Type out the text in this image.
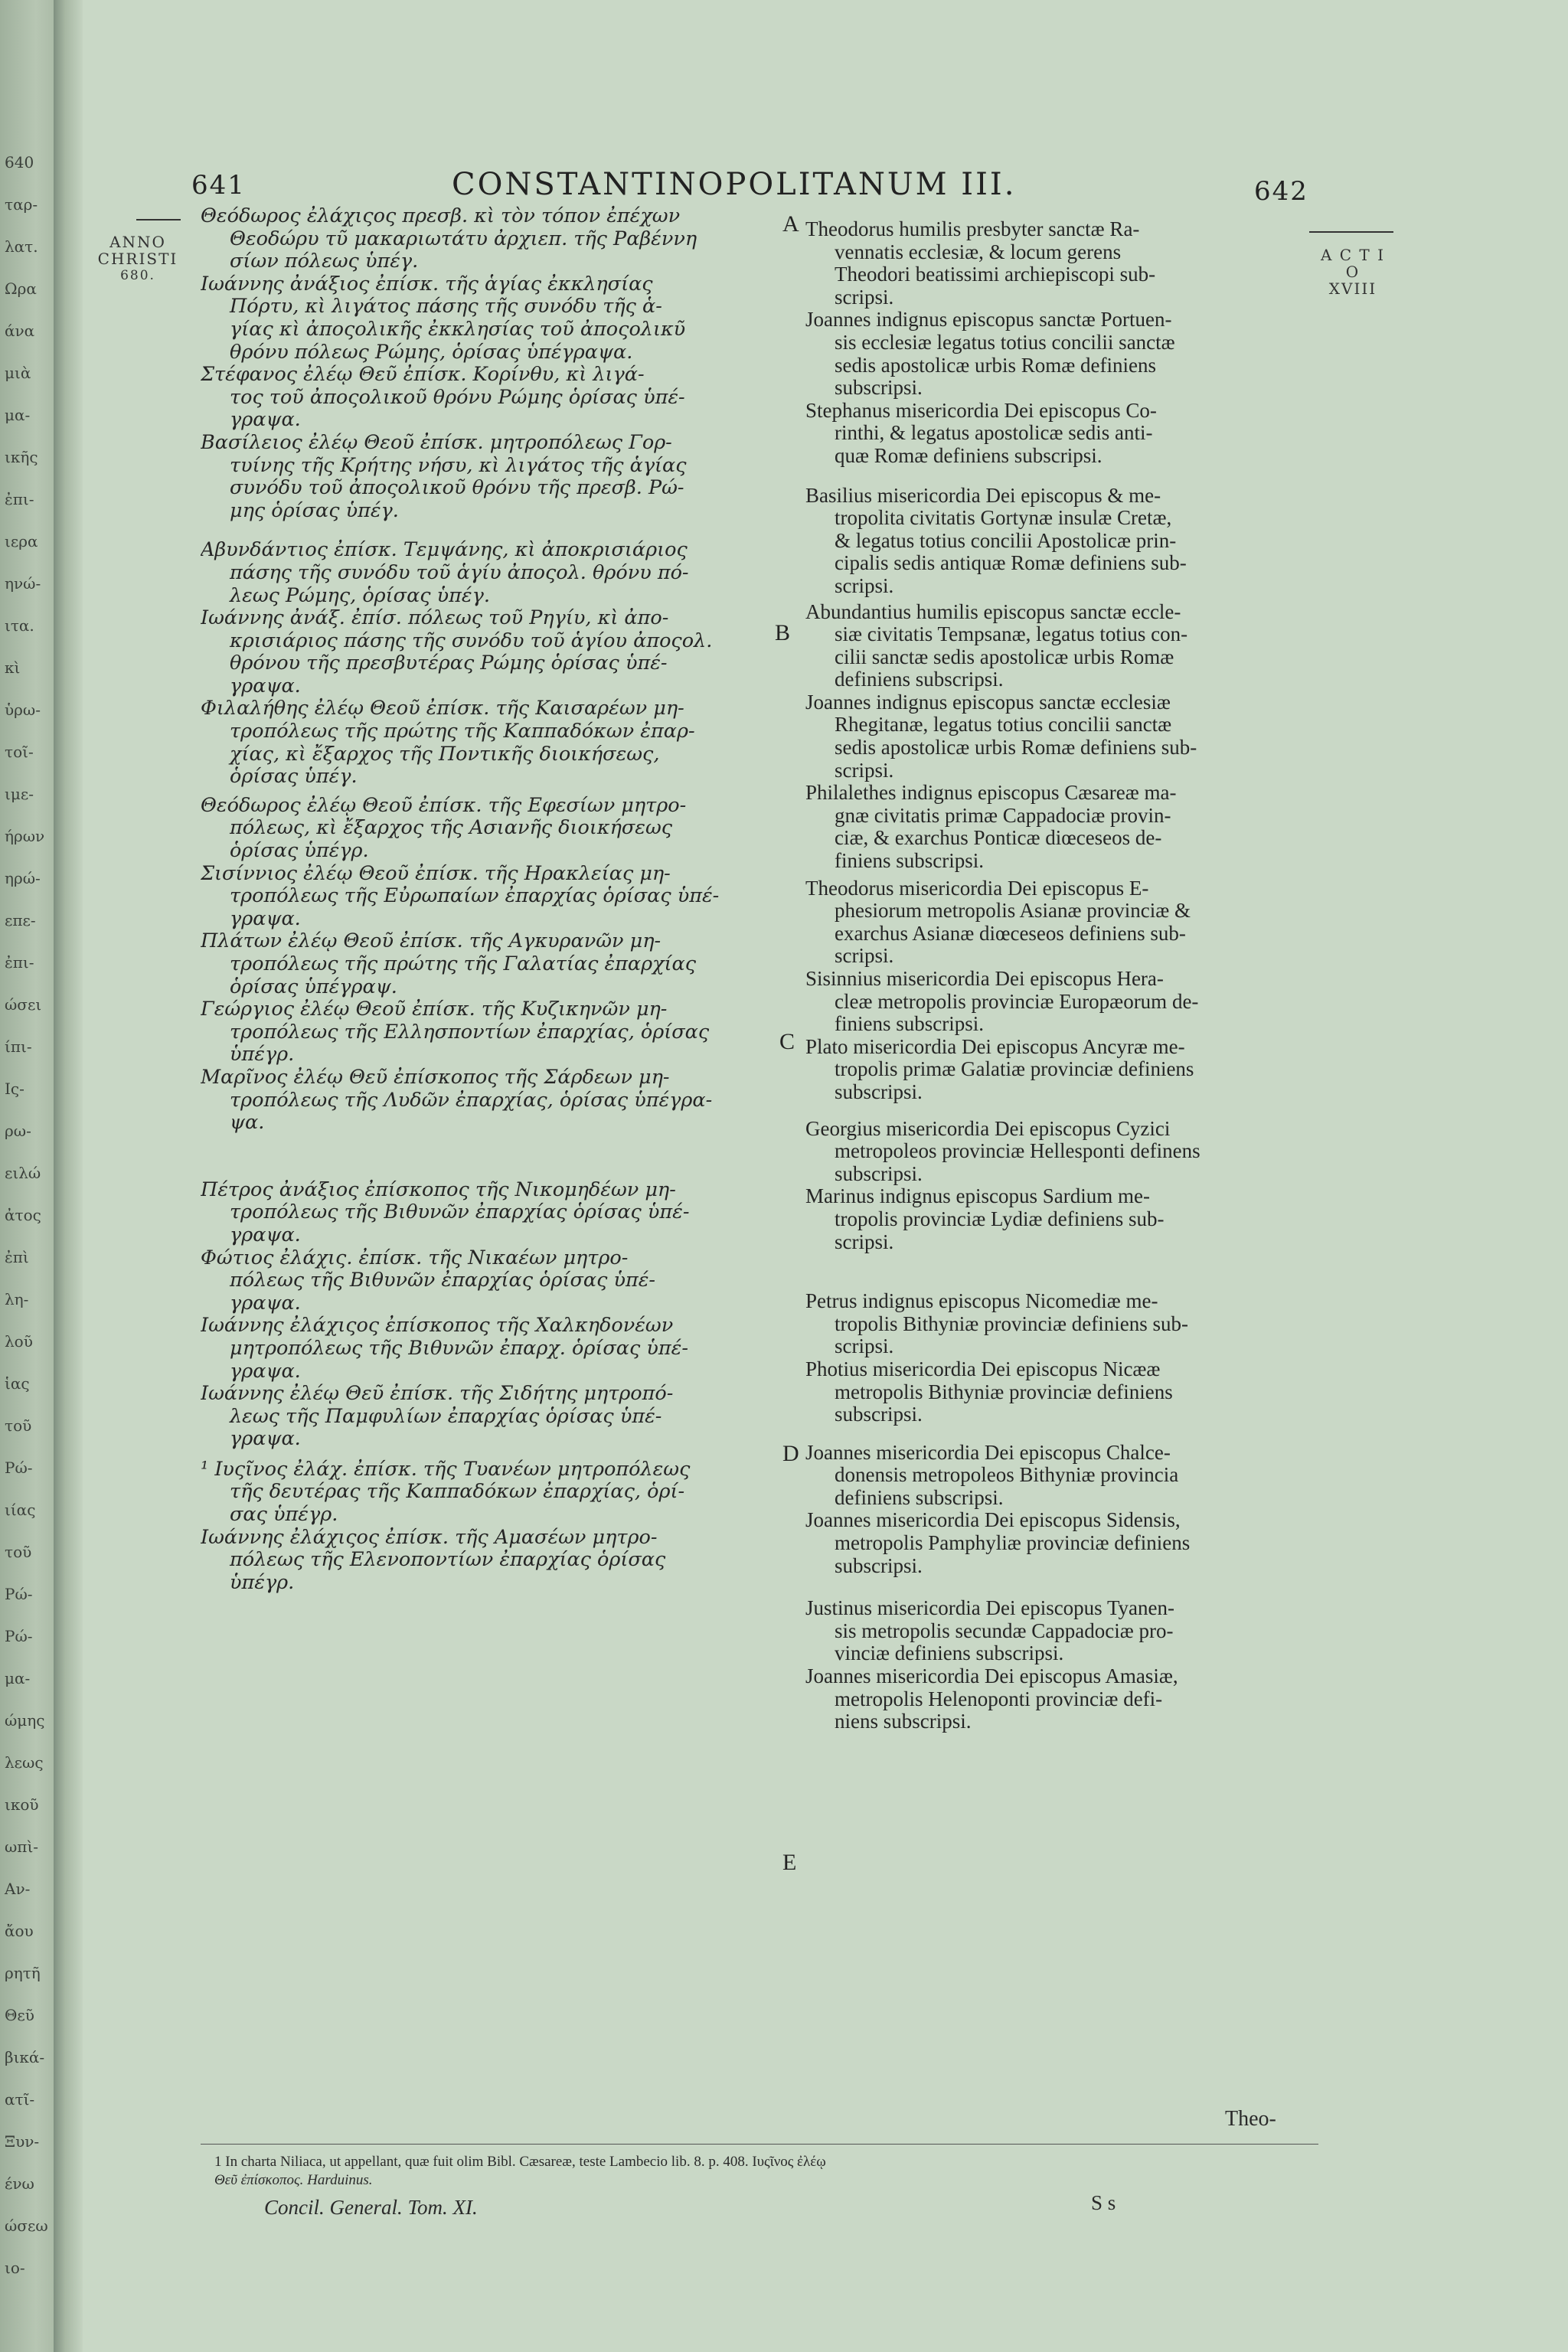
640
ταρ-
λατ.
Ωρα
άνα
μιὰ
μα-
ικῆς
ἐπι-
ιερα
ηνώ-
ιτα.
κὶ
ὑρω-
τοῖ-
ιμε-
ήρων
ηρώ-
επε-
ἐπι-
ώσει
ίπι-
Ις-
ρω-
ειλώ
ἀτος
ἐπὶ
λη-
λοῦ
ἱας
τοῦ
Ρώ-
ιίας
τοῦ
Ρώ-
Ρώ-
μα-
ώμης
λεως
ικοῦ
ωπὶ-
Αν-
ἄου
ρητῆ
Θεῦ
βικά-
ατῖ-
Ξυν-
ένω
ώσεω
ιο-
641	CONSTANTINOPOLITANUM III.	642
ANNO
CHRISTI
680.
A C T I O
XVIII
Θεόδωρος ἐλάχιςος πρεσβ. κὶ τὸν τόπον ἐπέχων
Θεοδώρυ τῦ μακαριωτάτυ ἀρχιεπ. τῆς Ραβέννη
σίων πόλεως ὑπέγ.
Ιωάννης ἀνάξιος ἐπίσκ. τῆς ἁγίας ἐκκλησίας
Πόρτυ, κὶ λιγάτος πάσης τῆς συνόδυ τῆς ἁ-
γίας κὶ ἀποςολικῆς ἐκκλησίας τοῦ ἀποςολικῦ
θρόνυ πόλεως Ρώμης, ὁρίσας ὑπέγραψα.
Στέφανος ἐλέῳ Θεῦ ἐπίσκ. Κορίνθυ, κὶ λιγά-
τος τοῦ ἀποςολικοῦ θρόνυ Ρώμης ὁρίσας ὑπέ-
γραψα.
Βασίλειος ἐλέῳ Θεοῦ ἐπίσκ. μητροπόλεως Γορ-
τυίνης τῆς Κρήτης νήσυ, κὶ λιγάτος τῆς ἁγίας
συνόδυ τοῦ ἀποςολικοῦ θρόνυ τῆς πρεσβ. Ρώ-
μης ὁρίσας ὑπέγ.
Αβυνδάντιος ἐπίσκ. Τεμψάνης, κὶ ἀποκρισιάριος
πάσης τῆς συνόδυ τοῦ ἁγίυ ἀποςολ. θρόνυ πό-
λεως Ρώμης, ὁρίσας ὑπέγ.
Ιωάννης ἀνάξ. ἐπίσ. πόλεως τοῦ Ρηγίυ, κὶ ἀπο-
κρισιάριος πάσης τῆς συνόδυ τοῦ ἁγίου ἀποςολ.
θρόνου τῆς πρεσβυτέρας Ρώμης ὁρίσας ὑπέ-
γραψα.
Φιλαλήθης ἐλέῳ Θεοῦ ἐπίσκ. τῆς Καισαρέων μη-
τροπόλεως τῆς πρώτης τῆς Καππαδόκων ἐπαρ-
χίας, κὶ ἔξαρχος τῆς Ποντικῆς διοικήσεως,
ὁρίσας ὑπέγ.
Θεόδωρος ἐλέῳ Θεοῦ ἐπίσκ. τῆς Εφεσίων μητρο-
πόλεως, κὶ ἔξαρχος τῆς Ασιανῆς διοικήσεως
ὁρίσας ὑπέγρ.
Σισίννιος ἐλέῳ Θεοῦ ἐπίσκ. τῆς Ηρακλείας μη-
τροπόλεως τῆς Εὐρωπαίων ἐπαρχίας ὁρίσας ὑπέ-
γραψα.
Πλάτων ἐλέῳ Θεοῦ ἐπίσκ. τῆς Αγκυρανῶν μη-
τροπόλεως τῆς πρώτης τῆς Γαλατίας ἐπαρχίας
ὁρίσας ὑπέγραψ.
Γεώργιος ἐλέῳ Θεοῦ ἐπίσκ. τῆς Κυζικηνῶν μη-
τροπόλεως τῆς Ελλησποντίων ἐπαρχίας, ὁρίσας
ὑπέγρ.
Μαρῖνος ἐλέῳ Θεῦ ἐπίσκοπος τῆς Σάρδεων μη-
τροπόλεως τῆς Λυδῶν ἐπαρχίας, ὁρίσας ὑπέγρα-
ψα.
Πέτρος ἀνάξιος ἐπίσκοπος τῆς Νικομηδέων μη-
τροπόλεως τῆς Βιθυνῶν ἐπαρχίας ὁρίσας ὑπέ-
γραψα.
Φώτιος ἐλάχις. ἐπίσκ. τῆς Νικαέων μητρο-
πόλεως τῆς Βιθυνῶν ἐπαρχίας ὁρίσας ὑπέ-
γραψα.
Ιωάννης ἐλάχιςος ἐπίσκοπος τῆς Χαλκηδονέων
μητροπόλεως τῆς Βιθυνῶν ἐπαρχ. ὁρίσας ὑπέ-
γραψα.
Ιωάννης ἐλέῳ Θεῦ ἐπίσκ. τῆς Σιδήτης μητροπό-
λεως τῆς Παμφυλίων ἐπαρχίας ὁρίσας ὑπέ-
γραψα.
¹ Ιυςῖνος ἐλάχ. ἐπίσκ. τῆς Τυανέων μητροπόλεως
τῆς δευτέρας τῆς Καππαδόκων ἐπαρχίας, ὁρί-
σας ὑπέγρ.
Ιωάννης ἐλάχιςος ἐπίσκ. τῆς Αμασέων μητρο-
πόλεως τῆς Ελενοποντίων ἐπαρχίας ὁρίσας
ὑπέγρ.
Theodorus humilis presbyter sanctæ Ra-
vennatis ecclesiæ, & locum gerens
Theodori beatissimi archiepiscopi sub-
scripsi.
Joannes indignus episcopus sanctæ Portuen-
sis ecclesiæ legatus totius concilii sanctæ
sedis apostolicæ urbis Romæ definiens
subscripsi.
Stephanus misericordia Dei episcopus Co-
rinthi, & legatus apostolicæ sedis anti-
quæ Romæ definiens subscripsi.
Basilius misericordia Dei episcopus & me-
tropolita civitatis Gortynæ insulæ Cretæ,
& legatus totius concilii Apostolicæ prin-
cipalis sedis antiquæ Romæ definiens sub-
scripsi.
Abundantius humilis episcopus sanctæ eccle-
siæ civitatis Tempsanæ, legatus totius con-
cilii sanctæ sedis apostolicæ urbis Romæ
definiens subscripsi.
Joannes indignus episcopus sanctæ ecclesiæ
Rhegitanæ, legatus totius concilii sanctæ
sedis apostolicæ urbis Romæ definiens sub-
scripsi.
Philalethes indignus episcopus Cæsareæ ma-
gnæ civitatis primæ Cappadociæ provin-
ciæ, & exarchus Ponticæ diœceseos de-
finiens subscripsi.
Theodorus misericordia Dei episcopus E-
phesiorum metropolis Asianæ provinciæ &
exarchus Asianæ diœceseos definiens sub-
scripsi.
Sisinnius misericordia Dei episcopus Hera-
cleæ metropolis provinciæ Europæorum de-
finiens subscripsi.
Plato misericordia Dei episcopus Ancyræ me-
tropolis primæ Galatiæ provinciæ definiens
subscripsi.
Georgius misericordia Dei episcopus Cyzici
metropoleos provinciæ Hellesponti definens
subscripsi.
Marinus indignus episcopus Sardium me-
tropolis provinciæ Lydiæ definiens sub-
scripsi.
Petrus indignus episcopus Nicomediæ me-
tropolis Bithyniæ provinciæ definiens sub-
scripsi.
Photius misericordia Dei episcopus Nicææ
metropolis Bithyniæ provinciæ definiens
subscripsi.
Joannes misericordia Dei episcopus Chalce-
donensis metropoleos Bithyniæ provincia
definiens subscripsi.
Joannes misericordia Dei episcopus Sidensis,
metropolis Pamphyliæ provinciæ definiens
subscripsi.
Justinus misericordia Dei episcopus Tyanen-
sis metropolis secundæ Cappadociæ pro-
vinciæ definiens subscripsi.
Joannes misericordia Dei episcopus Amasiæ,
metropolis Helenoponti provinciæ defi-
niens subscripsi.
A
B
C
D
E
Theo-
1 In charta Niliaca, ut appellant, quæ fuit olim Bibl. Cæsareæ, teste Lambecio lib. 8. p. 408. Ιυςῖνος ἐλέῳ
Θεῦ ἐπίσκοπος. Harduinus.
Concil. General. Tom. XI.	S s
